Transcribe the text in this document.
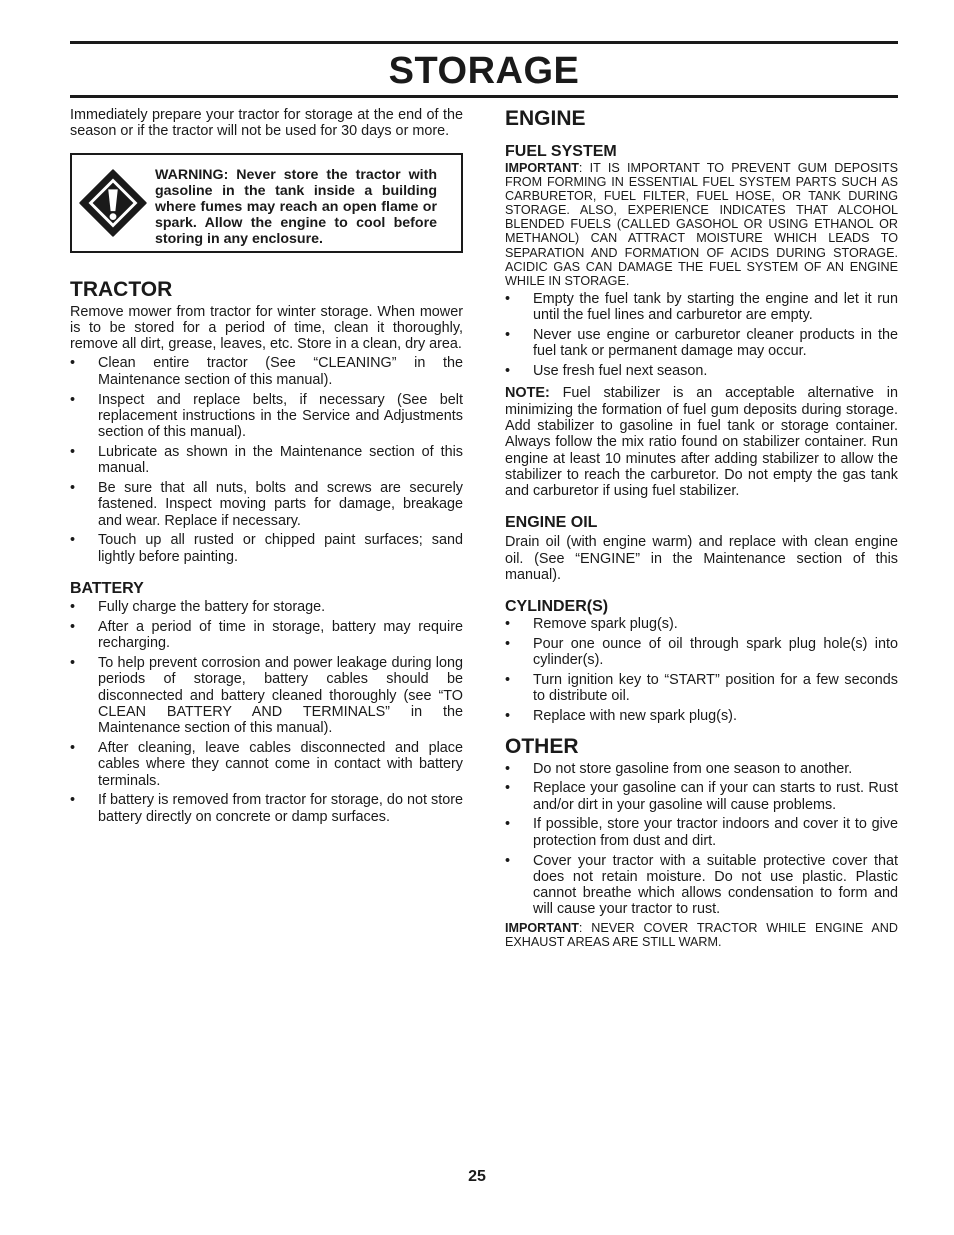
STORAGE

Immediately prepare your tractor for storage at the end of the season or if the tractor will not be used for 30 days or more.

WARNING: Never store the tractor with gasoline in the tank inside a building where fumes may reach an open flame or spark. Allow the engine to cool before storing in any enclosure.
TRACTOR

Remove mower from tractor for winter storage. When mower is to be stored for a period of time, clean it thoroughly, remove all dirt, grease, leaves, etc. Store in a clean, dry area.

•	Clean entire tractor (See “CLEANING” in the Maintenance section of this manual).
•	Inspect and replace belts, if necessary (See belt replacement instructions in the Service and Adjustments section of this manual).
•	Lubricate as shown in the Maintenance section of this manual.
•	Be sure that all nuts, bolts and screws are securely fastened. Inspect moving parts for damage, breakage and wear. Replace if necessary.
•	Touch up all rusted or chipped paint surfaces; sand lightly before painting.
BATTERY
•	Fully charge the battery for storage.
•	After a period of time in storage, battery may require recharging.
•	To help prevent corrosion and power leakage during long periods of storage, battery cables should be disconnected and battery cleaned thoroughly (see “TO CLEAN BATTERY AND TERMINALS” in the Maintenance section of this manual).
•	After cleaning, leave cables disconnected and place cables where they cannot come in contact with battery terminals.
•	If battery is removed from tractor for storage, do not store battery directly on concrete or damp surfaces.
ENGINE
FUEL SYSTEM

IMPORTANT: IT IS IMPORTANT TO PREVENT GUM DEPOSITS FROM FORMING IN ESSENTIAL FUEL SYSTEM PARTS SUCH AS CARBURETOR, FUEL FILTER, FUEL HOSE, OR TANK DURING STORAGE. ALSO, EXPERIENCE INDICATES THAT ALCOHOL BLENDED FUELS (CALLED GASOHOL OR USING ETHANOL OR METHANOL) CAN ATTRACT MOISTURE WHICH LEADS TO SEPARATION AND FORMATION OF ACIDS DURING STORAGE. ACIDIC GAS CAN DAMAGE THE FUEL SYSTEM OF AN ENGINE WHILE IN STORAGE.

•	Empty the fuel tank by starting the engine and let it run until the fuel lines and carburetor are empty.
•	Never use engine or carburetor cleaner products in the fuel tank or permanent damage may occur.
•	Use fresh fuel next season.

NOTE: Fuel stabilizer is an acceptable alternative in minimizing the formation of fuel gum deposits during storage. Add stabilizer to gasoline in fuel tank or storage container. Always follow the mix ratio found on stabilizer container. Run engine at least 10 minutes after adding stabilizer to allow the stabilizer to reach the carburetor. Do not empty the gas tank and carburetor if using fuel stabilizer.

ENGINE OIL

Drain oil (with engine warm) and replace with clean engine oil. (See “ENGINE” in the Maintenance section of this manual).

CYLINDER(S)
•	Remove spark plug(s).
•	Pour one ounce of oil through spark plug hole(s) into cylinder(s).
•	Turn ignition key to “START” position for a few seconds to distribute oil.
•	Replace with new spark plug(s).
OTHER
•	Do not store gasoline from one season to another.
•	Replace your gasoline can if your can starts to rust. Rust and/or dirt in your gasoline will cause problems.
•	If possible, store your tractor indoors and cover it to give protection from dust and dirt.
•	Cover your tractor with a suitable protective cover that does not retain moisture. Do not use plastic. Plastic cannot breathe which allows condensation to form and will cause your tractor to rust.

IMPORTANT: NEVER COVER TRACTOR WHILE ENGINE AND EXHAUST AREAS ARE STILL WARM.

25
